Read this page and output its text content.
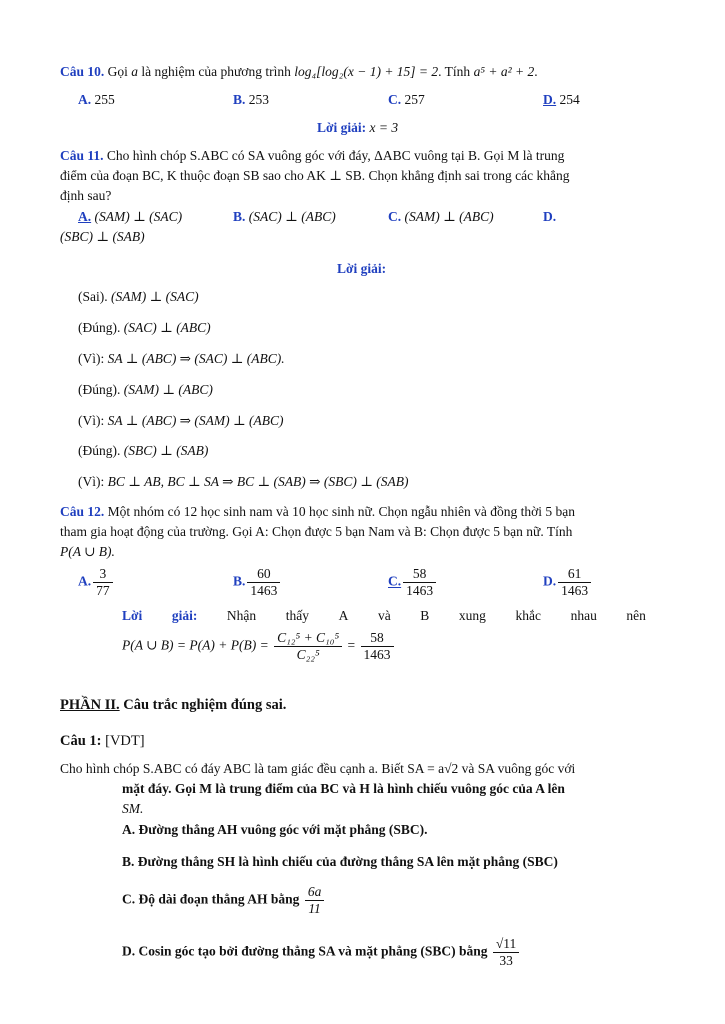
Câu 10. Gọi a là nghiệm của phương trình log₄[log₂(x − 1) + 15] = 2. Tính a⁵ + a² + 2.
A. 255	B. 253	C. 257	D. 254
Lời giải: x = 3
Câu 11. Cho hình chóp S.ABC có SA vuông góc với đáy, ΔABC vuông tại B. Gọi M là trung
điểm của đoạn BC, K thuộc đoạn SB sao cho AK ⊥ SB. Chọn khẳng định sai trong các khẳng
định sau?
A. (SAM) ⊥ (SAC)	B. (SAC) ⊥ (ABC)	C. (SAM) ⊥ (ABC)	D.
(SBC) ⊥ (SAB)
Lời giải:
(Sai). (SAM) ⊥ (SAC)
(Đúng). (SAC) ⊥ (ABC)
(Vì): SA ⊥ (ABC) ⇒ (SAC) ⊥ (ABC).
(Đúng). (SAM) ⊥ (ABC)
(Vì): SA ⊥ (ABC) ⇒ (SAM) ⊥ (ABC)
(Đúng). (SBC) ⊥ (SAB)
(Vì): BC ⊥ AB, BC ⊥ SA ⇒ BC ⊥ (SAB) ⇒ (SBC) ⊥ (SAB)
Câu 12. Một nhóm có 12 học sinh nam và 10 học sinh nữ. Chọn ngẫu nhiên và đồng thời 5 bạn
tham gia hoạt động của trường. Gọi A: Chọn được 5 bạn Nam và B: Chọn được 5 bạn nữ. Tính
P(A ∪ B).
A. $\frac{3}{77}$	B. $\frac{60}{1463}$	C. $\frac{58}{1463}$	D. $\frac{61}{1463}$
Lời giải: Nhận thấy A và B xung khắc nhau nên
P(A ∪ $B) = P(A) + P(B) = \frac{\text{C₁₂⁵ + C₁₀⁵}}{\text{C₂₂⁵}} = \frac{58}{1463}$
PHẦN II. Câu trắc nghiệm đúng sai.
Câu 1: [VDT]
Cho hình chóp S.ABC có đáy ABC là tam giác đều cạnh a. Biết SA = a√2 và SA vuông góc với
mặt đáy. Gọi M là trung điểm của BC và H là hình chiếu vuông góc của A lên
SM.
A. Đường thẳng AH vuông góc với mặt phẳng (SBC).
B. Đường thẳng SH là hình chiếu của đường thẳng SA lên mặt phẳng (SBC)
C. Độ dài đoạn thẳng AH bằng $\frac{6a}{11}$
D. Cosin góc tạo bởi đường thẳng SA và mặt phẳng (SBC) bằng $\frac{√11}{33}$
